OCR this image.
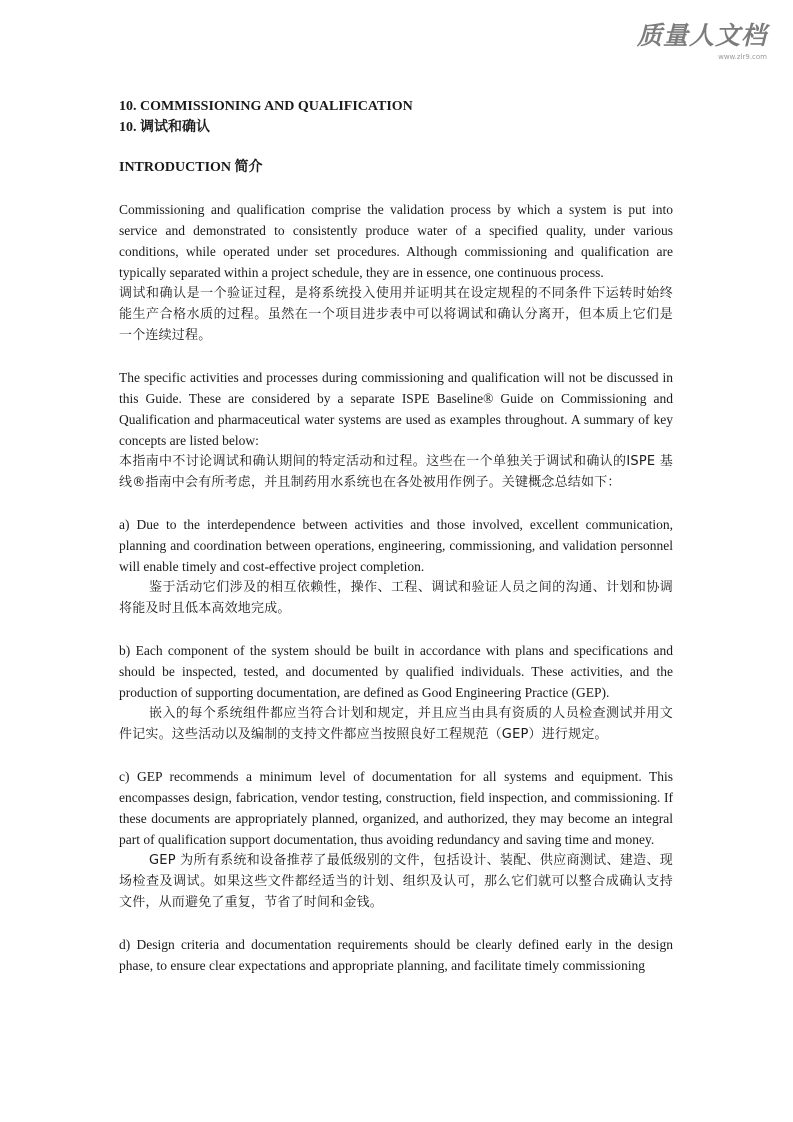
质量人文档
www.zlr9.com

10. COMMISSIONING AND QUALIFICATION

10. 调试和确认

INTRODUCTION 简介

Commissioning and qualification comprise the validation process by which a system is put into service and demonstrated to consistently produce water of a specified quality, under various conditions, while operated under set procedures. Although commissioning and qualification are typically separated within a project schedule, they are in essence, one continuous process.

调试和确认是一个验证过程，是将系统投入使用并证明其在设定规程的不同条件下运转时始终能生产合格水质的过程。虽然在一个项目进步表中可以将调试和确认分离开，但本质上它们是一个连续过程。

The specific activities and processes during commissioning and qualification will not be discussed in this Guide. These are considered by a separate ISPE Baseline® Guide on Commissioning and Qualification and pharmaceutical water systems are used as examples throughout. A summary of key concepts are listed below:

本指南中不讨论调试和确认期间的特定活动和过程。这些在一个单独关于调试和确认的ISPE 基线®指南中会有所考虑，并且制药用水系统也在各处被用作例子。关键概念总结如下：

a) Due to the interdependence between activities and those involved, excellent communication, planning and coordination between operations, engineering, commissioning, and validation personnel will enable timely and cost-effective project completion.

鉴于活动它们涉及的相互依赖性，操作、工程、调试和验证人员之间的沟通、计划和协调将能及时且低本高效地完成。

b) Each component of the system should be built in accordance with plans and specifications and should be inspected, tested, and documented by qualified individuals. These activities, and the production of supporting documentation, are defined as Good Engineering Practice (GEP).

嵌入的每个系统组件都应当符合计划和规定，并且应当由具有资质的人员检查测试并用文件记实。这些活动以及编制的支持文件都应当按照良好工程规范（GEP）进行规定。

c) GEP recommends a minimum level of documentation for all systems and equipment. This encompasses design, fabrication, vendor testing, construction, field inspection, and commissioning. If these documents are appropriately planned, organized, and authorized, they may become an integral part of qualification support documentation, thus avoiding redundancy and saving time and money.

GEP 为所有系统和设备推荐了最低级别的文件，包括设计、装配、供应商测试、建造、现场检查及调试。如果这些文件都经适当的计划、组织及认可，那么它们就可以整合成确认支持文件，从而避免了重复，节省了时间和金钱。

d) Design criteria and documentation requirements should be clearly defined early in the design phase, to ensure clear expectations and appropriate planning, and facilitate timely commissioning
